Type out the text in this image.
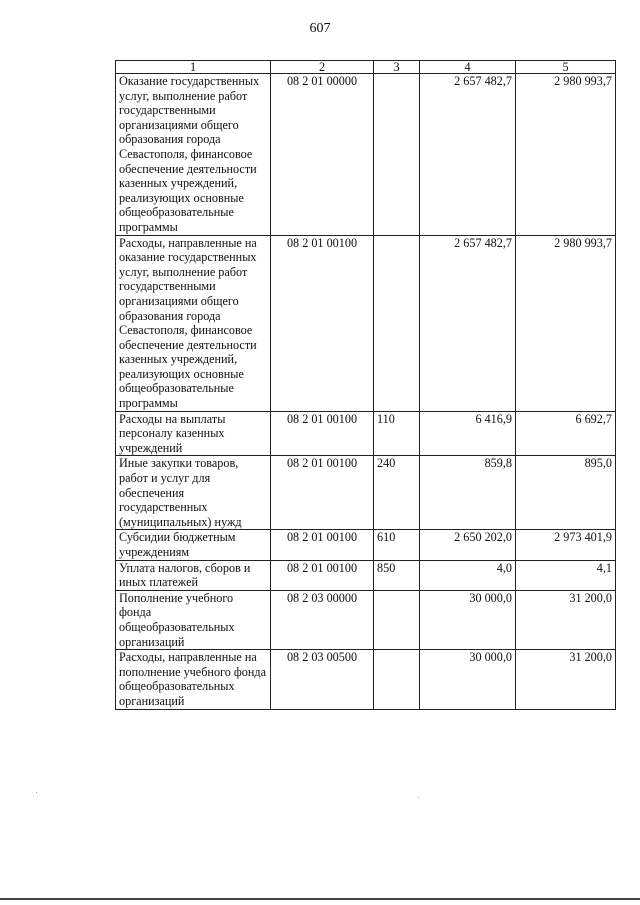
607
1	2	3	4	5
Оказание государственных услуг, выполнение работ государственными организациями общего образования города Севастополя, финансовое обеспечение деятельности казенных учреждений, реализующих основные общеобразовательные программы	08 2 01 00000		2 657 482,7	2 980 993,7
Расходы, направленные на оказание государственных услуг, выполнение работ государственными организациями общего образования города Севастополя, финансовое обеспечение деятельности казенных учреждений, реализующих основные общеобразовательные программы	08 2 01 00100		2 657 482,7	2 980 993,7
Расходы на выплаты персоналу казенных учреждений	08 2 01 00100	110	6 416,9	6 692,7
Иные закупки товаров, работ и услуг для обеспечения государственных (муниципальных) нужд	08 2 01 00100	240	859,8	895,0
Субсидии бюджетным учреждениям	08 2 01 00100	610	2 650 202,0	2 973 401,9
Уплата налогов, сборов и иных платежей	08 2 01 00100	850	4,0	4,1
Пополнение учебного фонда общеобразовательных организаций	08 2 03 00000		30 000,0	31 200,0
Расходы, направленные на пополнение учебного фонда общеобразовательных организаций	08 2 03 00500		30 000,0	31 200,0
